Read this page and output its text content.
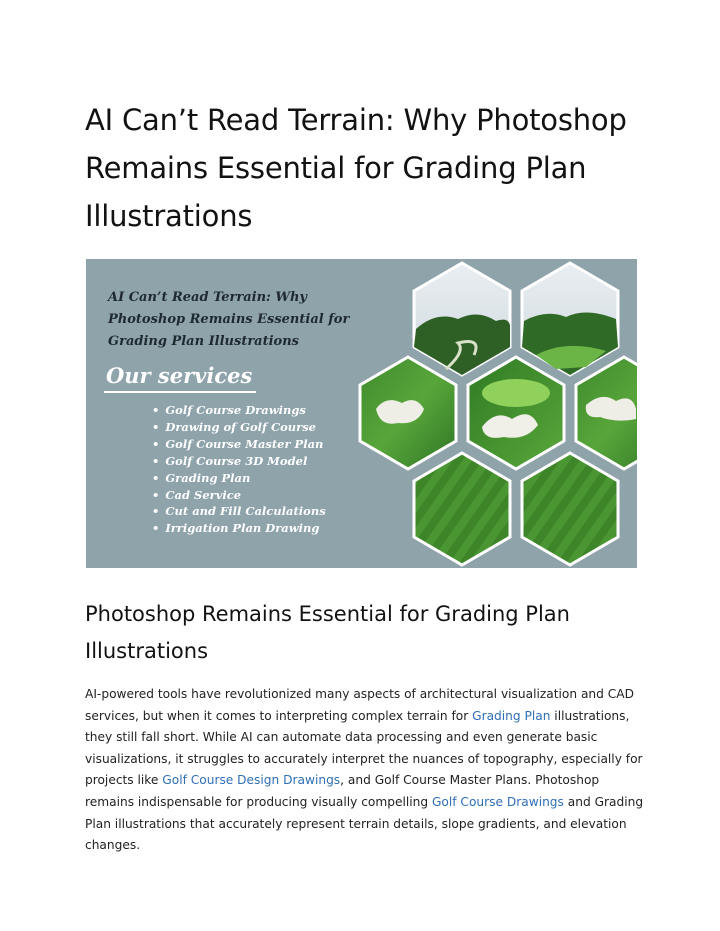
AI Can’t Read Terrain: Why Photoshop Remains Essential for Grading Plan Illustrations

AI Can’t Read Terrain: Why Photoshop Remains Essential for Grading Plan Illustrations

Our services

• Golf Course Drawings
• Drawing of Golf Course
• Golf Course Master Plan
• Golf Course 3D Model
• Grading Plan
• Cad Service
• Cut and Fill Calculations
• Irrigation Plan Drawing
Photoshop Remains Essential for Grading Plan Illustrations

AI-powered tools have revolutionized many aspects of architectural visualization and CAD services, but when it comes to interpreting complex terrain for Grading Plan illustrations, they still fall short. While AI can automate data processing and even generate basic visualizations, it struggles to accurately interpret the nuances of topography, especially for projects like Golf Course Design Drawings, and Golf Course Master Plans. Photoshop remains indispensable for producing visually compelling Golf Course Drawings and Grading Plan illustrations that accurately represent terrain details, slope gradients, and elevation changes.
